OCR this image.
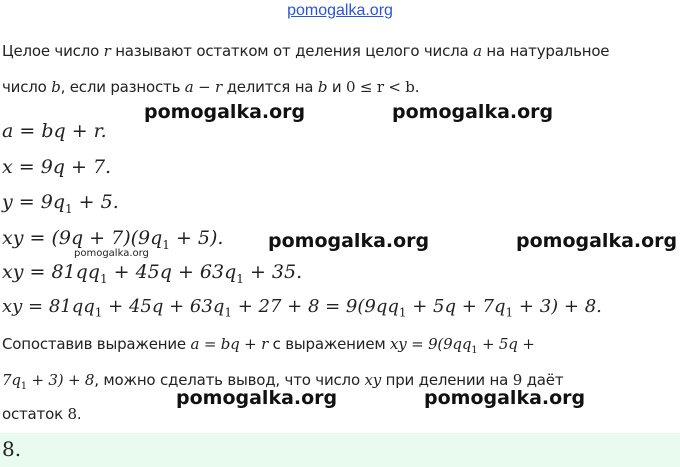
pomogalka.org
Целое число r называют остатком от деления целого числа a на натуральное
число b, если разность a − r делится на b и 0 ≤ r < b.
a = bq + r.
x = 9q + 7.
$y = 9q_1 + 5$.
xy = $(9q + 7)(9q_1 + 5)$.
xy = $81qq_1 + 45q + 63q_1 + 35$.
xy = $81qq_1 + 45q + 63q_1 + 27 + 8 = 9(9qq_1 + 5q + 7q_1 + 3) + 8$.
Сопоставив выражение a = bq + r с выражением xy = $9(9qq_1 + 5q$ +
$7q_1 + 3) + 8$, можно сделать вывод, что число xy при делении на 9 даёт
остаток 8.
pomogalka.org	pomogalka.org
pomogalka.org	pomogalka.org
pomogalka.org
pomogalka.org	pomogalka.org
8.
